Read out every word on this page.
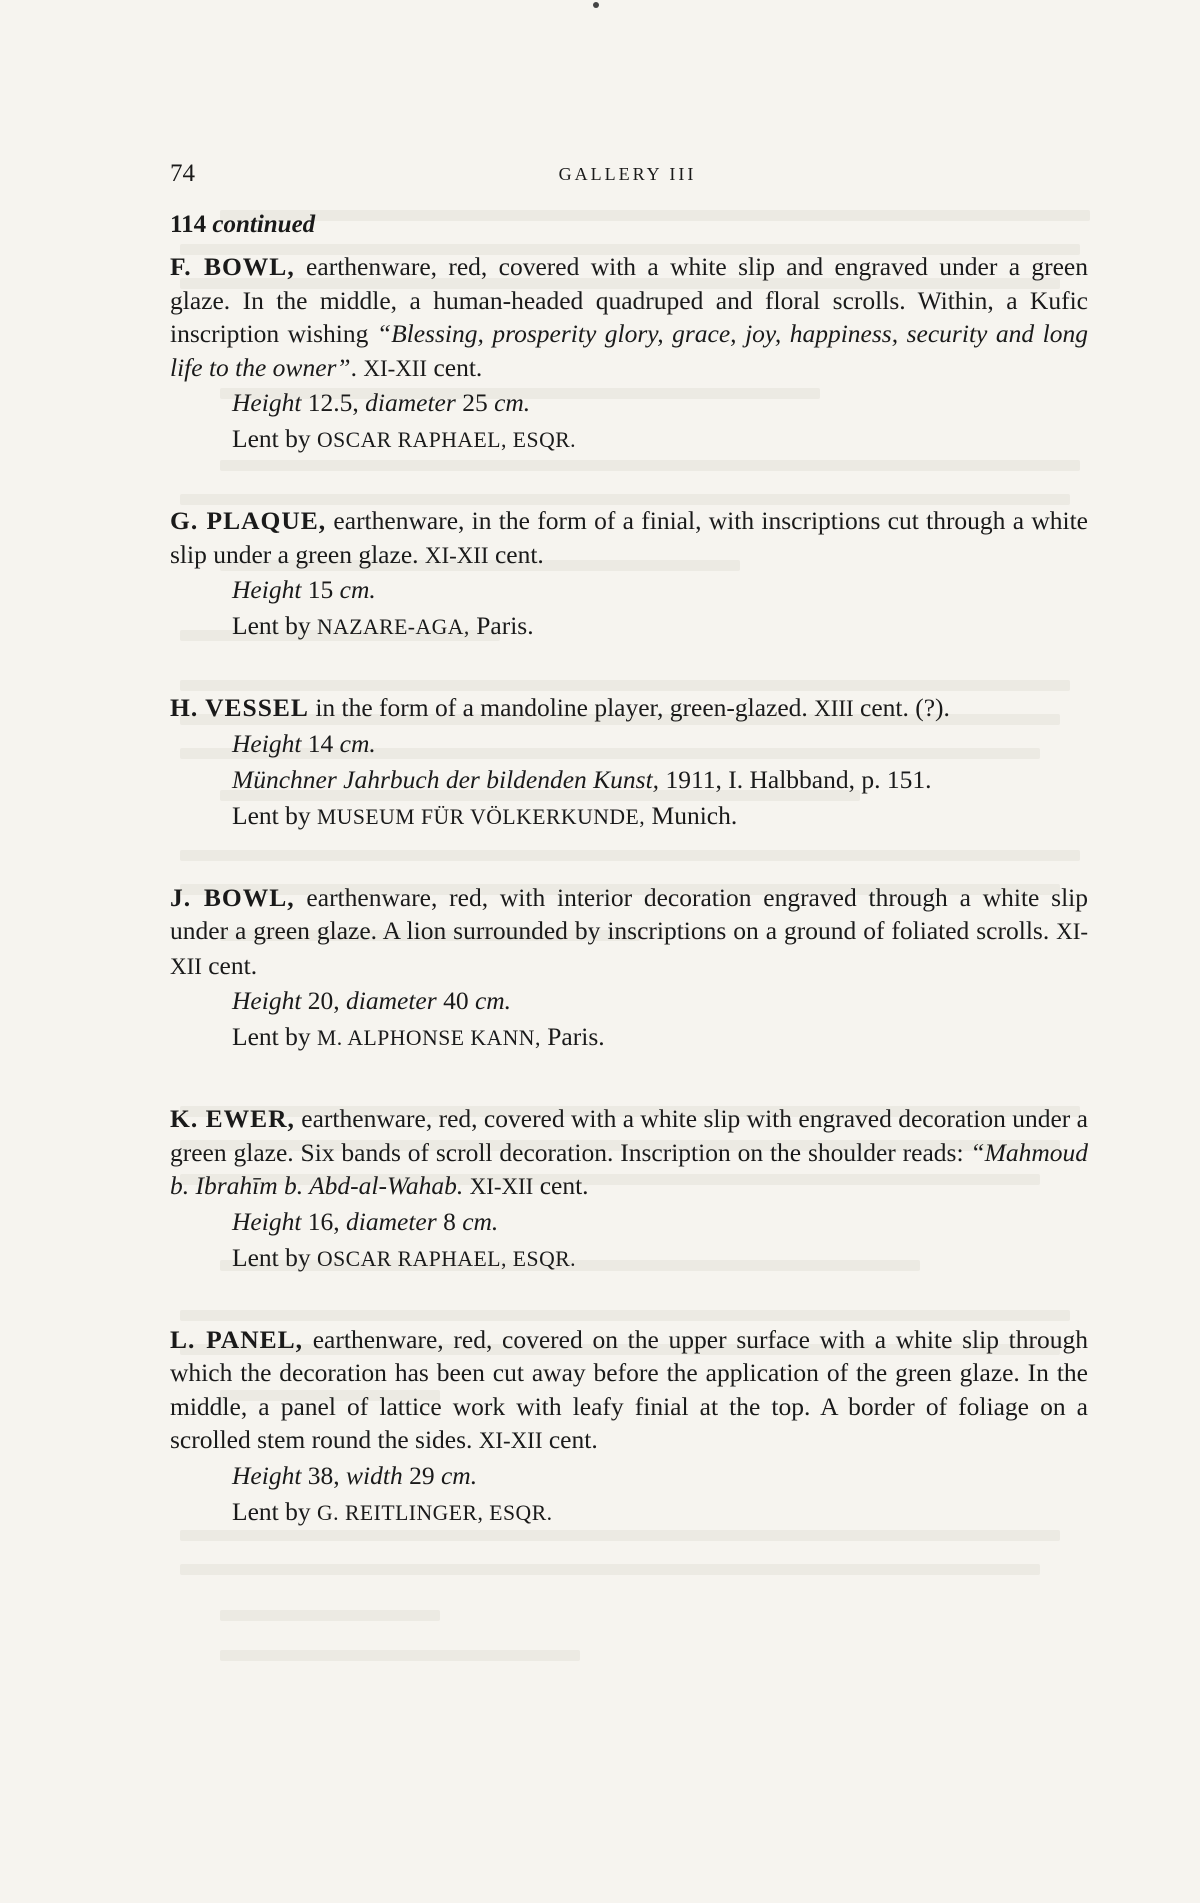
74	GALLERY III

114 continued

F. BOWL, earthenware, red, covered with a white slip and engraved under a green glaze. In the middle, a human-headed quadruped and floral scrolls. Within, a Kufic inscription wishing “Blessing, prosperity glory, grace, joy, happiness, security and long life to the owner”. XI-XII cent.

Height 12.5, diameter 25 cm.

Lent by OSCAR RAPHAEL, ESQR.

G. PLAQUE, earthenware, in the form of a finial, with inscriptions cut through a white slip under a green glaze. XI-XII cent.

Height 15 cm.

Lent by NAZARE-AGA, Paris.

H. VESSEL in the form of a mandoline player, green-glazed. XIII cent. (?).

Height 14 cm.

Münchner Jahrbuch der bildenden Kunst, 1911, I. Halbband, p. 151.

Lent by MUSEUM FÜR VÖLKERKUNDE, Munich.

J. BOWL, earthenware, red, with interior decoration engraved through a white slip under a green glaze. A lion surrounded by inscriptions on a ground of foliated scrolls. XI-XII cent.

Height 20, diameter 40 cm.

Lent by M. ALPHONSE KANN, Paris.

K. EWER, earthenware, red, covered with a white slip with engraved decoration under a green glaze. Six bands of scroll decoration. Inscription on the shoulder reads: “Mahmoud b. Ibrahīm b. Abd-al-Wahab. XI-XII cent.

Height 16, diameter 8 cm.

Lent by OSCAR RAPHAEL, ESQR.

L. PANEL, earthenware, red, covered on the upper surface with a white slip through which the decoration has been cut away before the application of the green glaze. In the middle, a panel of lattice work with leafy finial at the top. A border of foliage on a scrolled stem round the sides. XI-XII cent.

Height 38, width 29 cm.

Lent by G. REITLINGER, ESQR.
